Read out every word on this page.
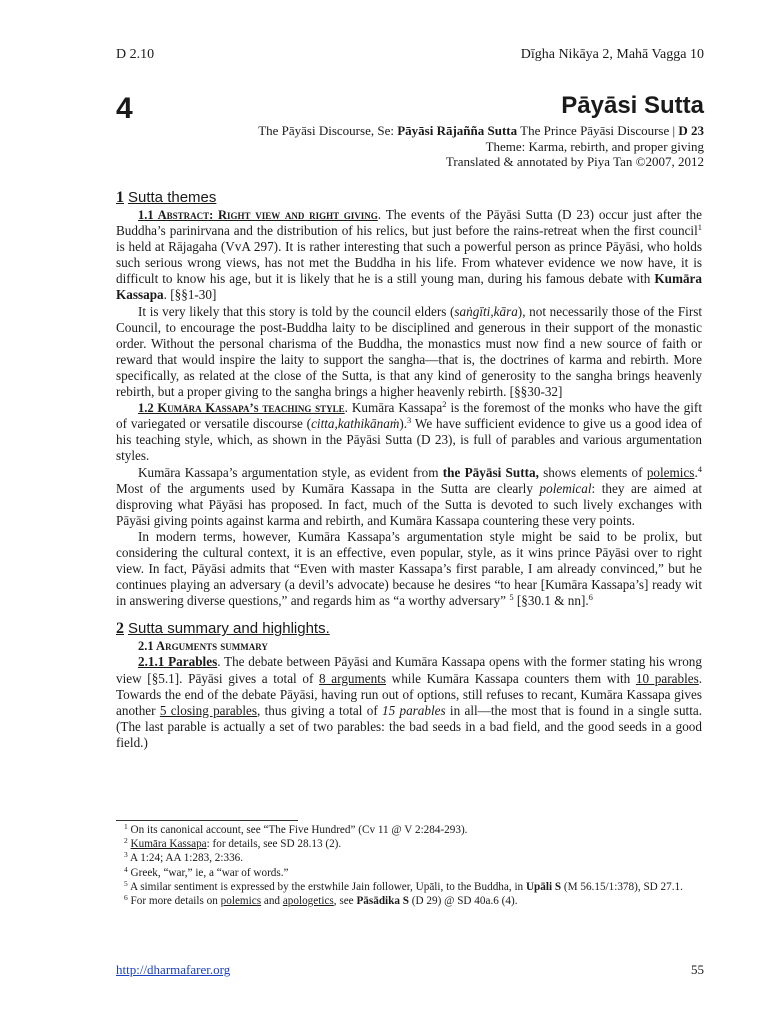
D 2.10	Dīgha Nikāya 2, Mahā Vagga 10
4	Pāyāsi Sutta
The Pāyāsi Discourse, Se: Pāyāsi Rājañña Sutta The Prince Pāyāsi Discourse | D 23
Theme: Karma, rebirth, and proper giving
Translated & annotated by Piya Tan ©2007, 2012
1 Sutta themes

1.1 Abstract: Right view and right giving. The events of the Pāyāsi Sutta (D 23) occur just after the Buddha’s parinirvana and the distribution of his relics, but just before the rains-retreat when the first council$^1$ is held at Rājagaha (VvA 297). It is rather interesting that such a powerful person as prince Pāyāsi, who holds such serious wrong views, has not met the Buddha in his life. From whatever evidence we now have, it is difficult to know his age, but it is likely that he is a still young man, during his famous debate with Kumāra Kassapa. [§§1-30]

It is very likely that this story is told by the council elders (saṅgīti,kāra), not necessarily those of the First Council, to encourage the post-Buddha laity to be disciplined and generous in their support of the monastic order. Without the personal charisma of the Buddha, the monastics must now find a new source of faith or reward that would inspire the laity to support the sangha—that is, the doctrines of karma and rebirth. More specifically, as related at the close of the Sutta, is that any kind of generosity to the sangha brings heavenly rebirth, but a proper giving to the sangha brings a higher heavenly rebirth. [§§30-32]

1.2 Kumāra Kassapa’s teaching style. Kumāra Kassapa$^2$ is the foremost of the monks who have the gift of variegated or versatile discourse (citta,kathikānaṁ).$^3$ We have sufficient evidence to give us a good idea of his teaching style, which, as shown in the Pāyāsi Sutta (D 23), is full of parables and various argumentation styles.

Kumāra Kassapa’s argumentation style, as evident from the Pāyāsi Sutta, shows elements of polemics.$^4$ Most of the arguments used by Kumāra Kassapa in the Sutta are clearly polemical: they are aimed at disproving what Pāyāsi has proposed. In fact, much of the Sutta is devoted to such lively exchanges with Pāyāsi giving points against karma and rebirth, and Kumāra Kassapa countering these very points.

In modern terms, however, Kumāra Kassapa’s argumentation style might be said to be prolix, but considering the cultural context, it is an effective, even popular, style, as it wins prince Pāyāsi over to right view. In fact, Pāyāsi admits that “Even with master Kassapa’s first parable, I am already convinced,” but he continues playing an adversary (a devil’s advocate) because he desires “to hear [Kumāra Kassapa’s] ready wit in answering diverse questions,” and regards him as “a worthy adversary” $^5$ [§30.1 & nn].$^6$

2 Sutta summary and highlights.
2.1 Arguments summary

2.1.1 Parables. The debate between Pāyāsi and Kumāra Kassapa opens with the former stating his wrong view [§5.1]. Pāyāsi gives a total of 8 arguments while Kumāra Kassapa counters them with 10 parables. Towards the end of the debate Pāyāsi, having run out of options, still refuses to recant, Kumāra Kassapa gives another 5 closing parables, thus giving a total of 15 parables in all—the most that is found in a single sutta. (The last parable is actually a set of two parables: the bad seeds in a bad field, and the good seeds in a good field.)

$^1$ On its canonical account, see “The Five Hundred” (Cv 11 @ V 2:284-293).
$^2$ Kumāra Kassapa: for details, see SD 28.13 (2).
$^3$ A 1:24; AA 1:283, 2:336.
$^4$ Greek, “war,” ie, a “war of words.”
$^5$ A similar sentiment is expressed by the erstwhile Jain follower, Upāli, to the Buddha, in Upāli S (M 56.15/1:378), SD 27.1.
$^6$ For more details on polemics and apologetics, see Pāsādika S (D 29) @ SD 40a.6 (4).
http://dharmafarer.org	55
